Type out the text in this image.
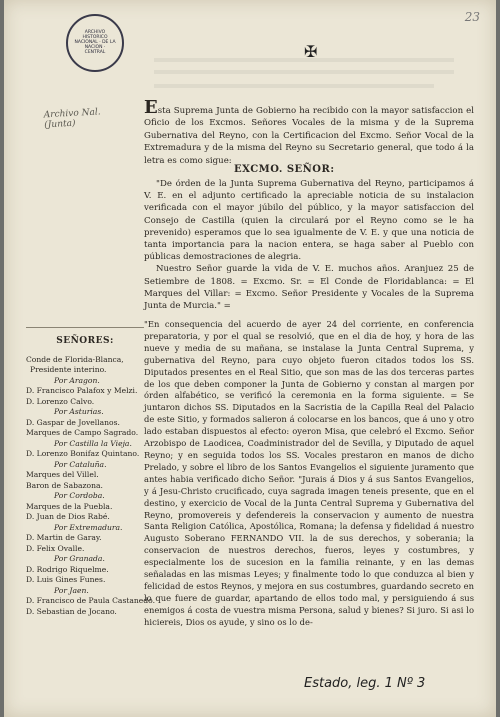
ARCHIVO HISTORICO NACIONAL · DE LA NACION · CENTRAL
23
✠
Archivo Nal. (Junta)

Esta Suprema Junta de Gobierno ha recibido con la mayor satisfaccion el Oficio de los Excmos. Señores Vocales de la misma y de la Suprema Gubernativa del Reyno, con la Certificacion del Excmo. Señor Vocal de la Extremadura y de la misma del Reyno su Secretario general, que todo á la letra es como sigue:

EXCMO. SEÑOR:

"De órden de la Junta Suprema Gubernativa del Reyno, participamos á V. E. en el adjunto certificado la apreciable noticia de su instalacion verificada con el mayor júbilo del público, y la mayor satisfaccion del Consejo de Castilla (quien la circulará por el Reyno como se le ha prevenido) esperamos que lo sea igualmente de V. E. y que una noticia de tanta importancia para la nacion entera, se haga saber al Pueblo con públicas demostraciones de alegria.

Nuestro Señor guarde la vida de V. E. muchos años. Aranjuez 25 de Setiembre de 1808. = Excmo. Sr. = El Conde de Floridablanca: = El Marques del Villar: = Excmo. Señor Presidente y Vocales de la Suprema Junta de Murcia." =

SEÑORES:
Conde de Florida-Blanca,
Presidente interino.
Por Aragon.
D. Francisco Palafox y Melzi.
D. Lorenzo Calvo.
Por Asturias.
D. Gaspar de Jovellanos.
Marques de Campo Sagrado.
Por Castilla la Vieja.
D. Lorenzo Bonifaz Quintano.
Por Cataluña.
Marques del Villel.
Baron de Sabazona.
Por Cordoba.
Marques de la Puebla.
D. Juan de Dios Rabé.
Por Extremadura.
D. Martin de Garay.
D. Felix Ovalle.
Por Granada.
D. Rodrigo Riquelme.
D. Luis Gines Funes.
Por Jaen.
D. Francisco de Paula Castanedo.
D. Sebastian de Jocano.

"En consequencia del acuerdo de ayer 24 del corriente, en conferencia preparatoria, y por el qual se resolvió, que en el dia de hoy, y hora de las nueve y media de su mañana, se instalase la Junta Central Suprema, y gubernativa del Reyno, para cuyo objeto fueron citados todos los SS. Diputados presentes en el Real Sitio, que son mas de las dos terceras partes de los que deben componer la Junta de Gobierno y constan al margen por órden alfabético, se verificó la ceremonia en la forma siguiente. = Se juntaron dichos SS. Diputados en la Sacristia de la Capilla Real del Palacio de este Sitio, y formados salieron á colocarse en los bancos, que á uno y otro lado estaban dispuestos al efecto: oyeron Misa, que celebró el Excmo. Señor Arzobispo de Laodicea, Coadministrador del de Sevilla, y Diputado de aquel Reyno; y en seguida todos los SS. Vocales prestaron en manos de dicho Prelado, y sobre el libro de los Santos Evangelios el siguiente juramento que antes habia verificado dicho Señor. "Jurais á Dios y á sus Santos Evangelios, y á Jesu-Christo crucificado, cuya sagrada imagen teneis presente, que en el destino, y exercicio de Vocal de la Junta Central Suprema y Gubernativa del Reyno, promovereis y defendereis la conservacion y aumento de nuestra Santa Religion Católica, Apostólica, Romana; la defensa y fidelidad á nuestro Augusto Soberano FERNANDO VII. la de sus derechos, y soberania; la conservacion de nuestros derechos, fueros, leyes y costumbres, y especialmente los de sucesion en la familia reinante, y en las demas señaladas en las mismas Leyes; y finalmente todo lo que conduzca al bien y felicidad de estos Reynos, y mejora en sus costumbres, guardando secreto en lo que fuere de guardar, apartando de ellos todo mal, y persiguiendo á sus enemigos á costa de vuestra misma Persona, salud y bienes? Si juro. Si asi lo hiciereis, Dios os ayude, y sino os lo de-

Estado, leg. 1 Nº 3
